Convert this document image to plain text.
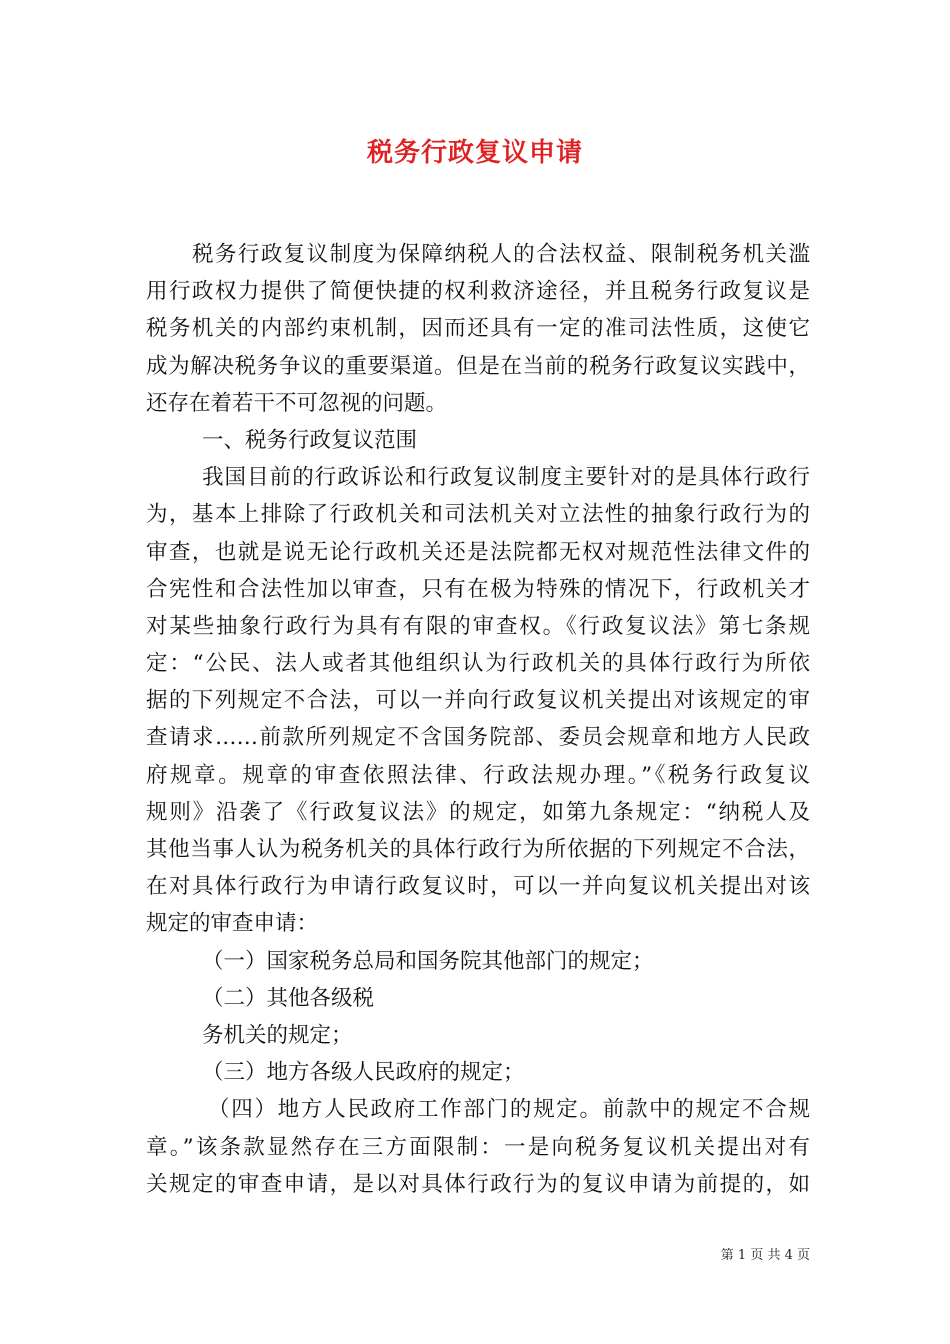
税务行政复议申请
税务行政复议制度为保障纳税人的合法权益、限制税务机关滥
用行政权力提供了简便快捷的权利救济途径，并且税务行政复议是
税务机关的内部约束机制，因而还具有一定的准司法性质，这使它
成为解决税务争议的重要渠道。但是在当前的税务行政复议实践中，
还存在着若干不可忽视的问题。
一、税务行政复议范围
我国目前的行政诉讼和行政复议制度主要针对的是具体行政行
为，基本上排除了行政机关和司法机关对立法性的抽象行政行为的
审查，也就是说无论行政机关还是法院都无权对规范性法律文件的
合宪性和合法性加以审查，只有在极为特殊的情况下，行政机关才
对某些抽象行政行为具有有限的审查权。《行政复议法》第七条规
定：“公民、法人或者其他组织认为行政机关的具体行政行为所依
据的下列规定不合法，可以一并向行政复议机关提出对该规定的审
查请求……前款所列规定不含国务院部、委员会规章和地方人民政
府规章。规章的审查依照法律、行政法规办理。”《税务行政复议
规则》沿袭了《行政复议法》的规定，如第九条规定：“纳税人及
其他当事人认为税务机关的具体行政行为所依据的下列规定不合法，
在对具体行政行为申请行政复议时，可以一并向复议机关提出对该
规定的审查申请：
（一）国家税务总局和国务院其他部门的规定；
（二）其他各级税
务机关的规定；
（三）地方各级人民政府的规定；
（四）地方人民政府工作部门的规定。前款中的规定不合规
章。”该条款显然存在三方面限制：一是向税务复议机关提出对有
关规定的审查申请，是以对具体行政行为的复议申请为前提的，如
第 1 页 共 4 页
